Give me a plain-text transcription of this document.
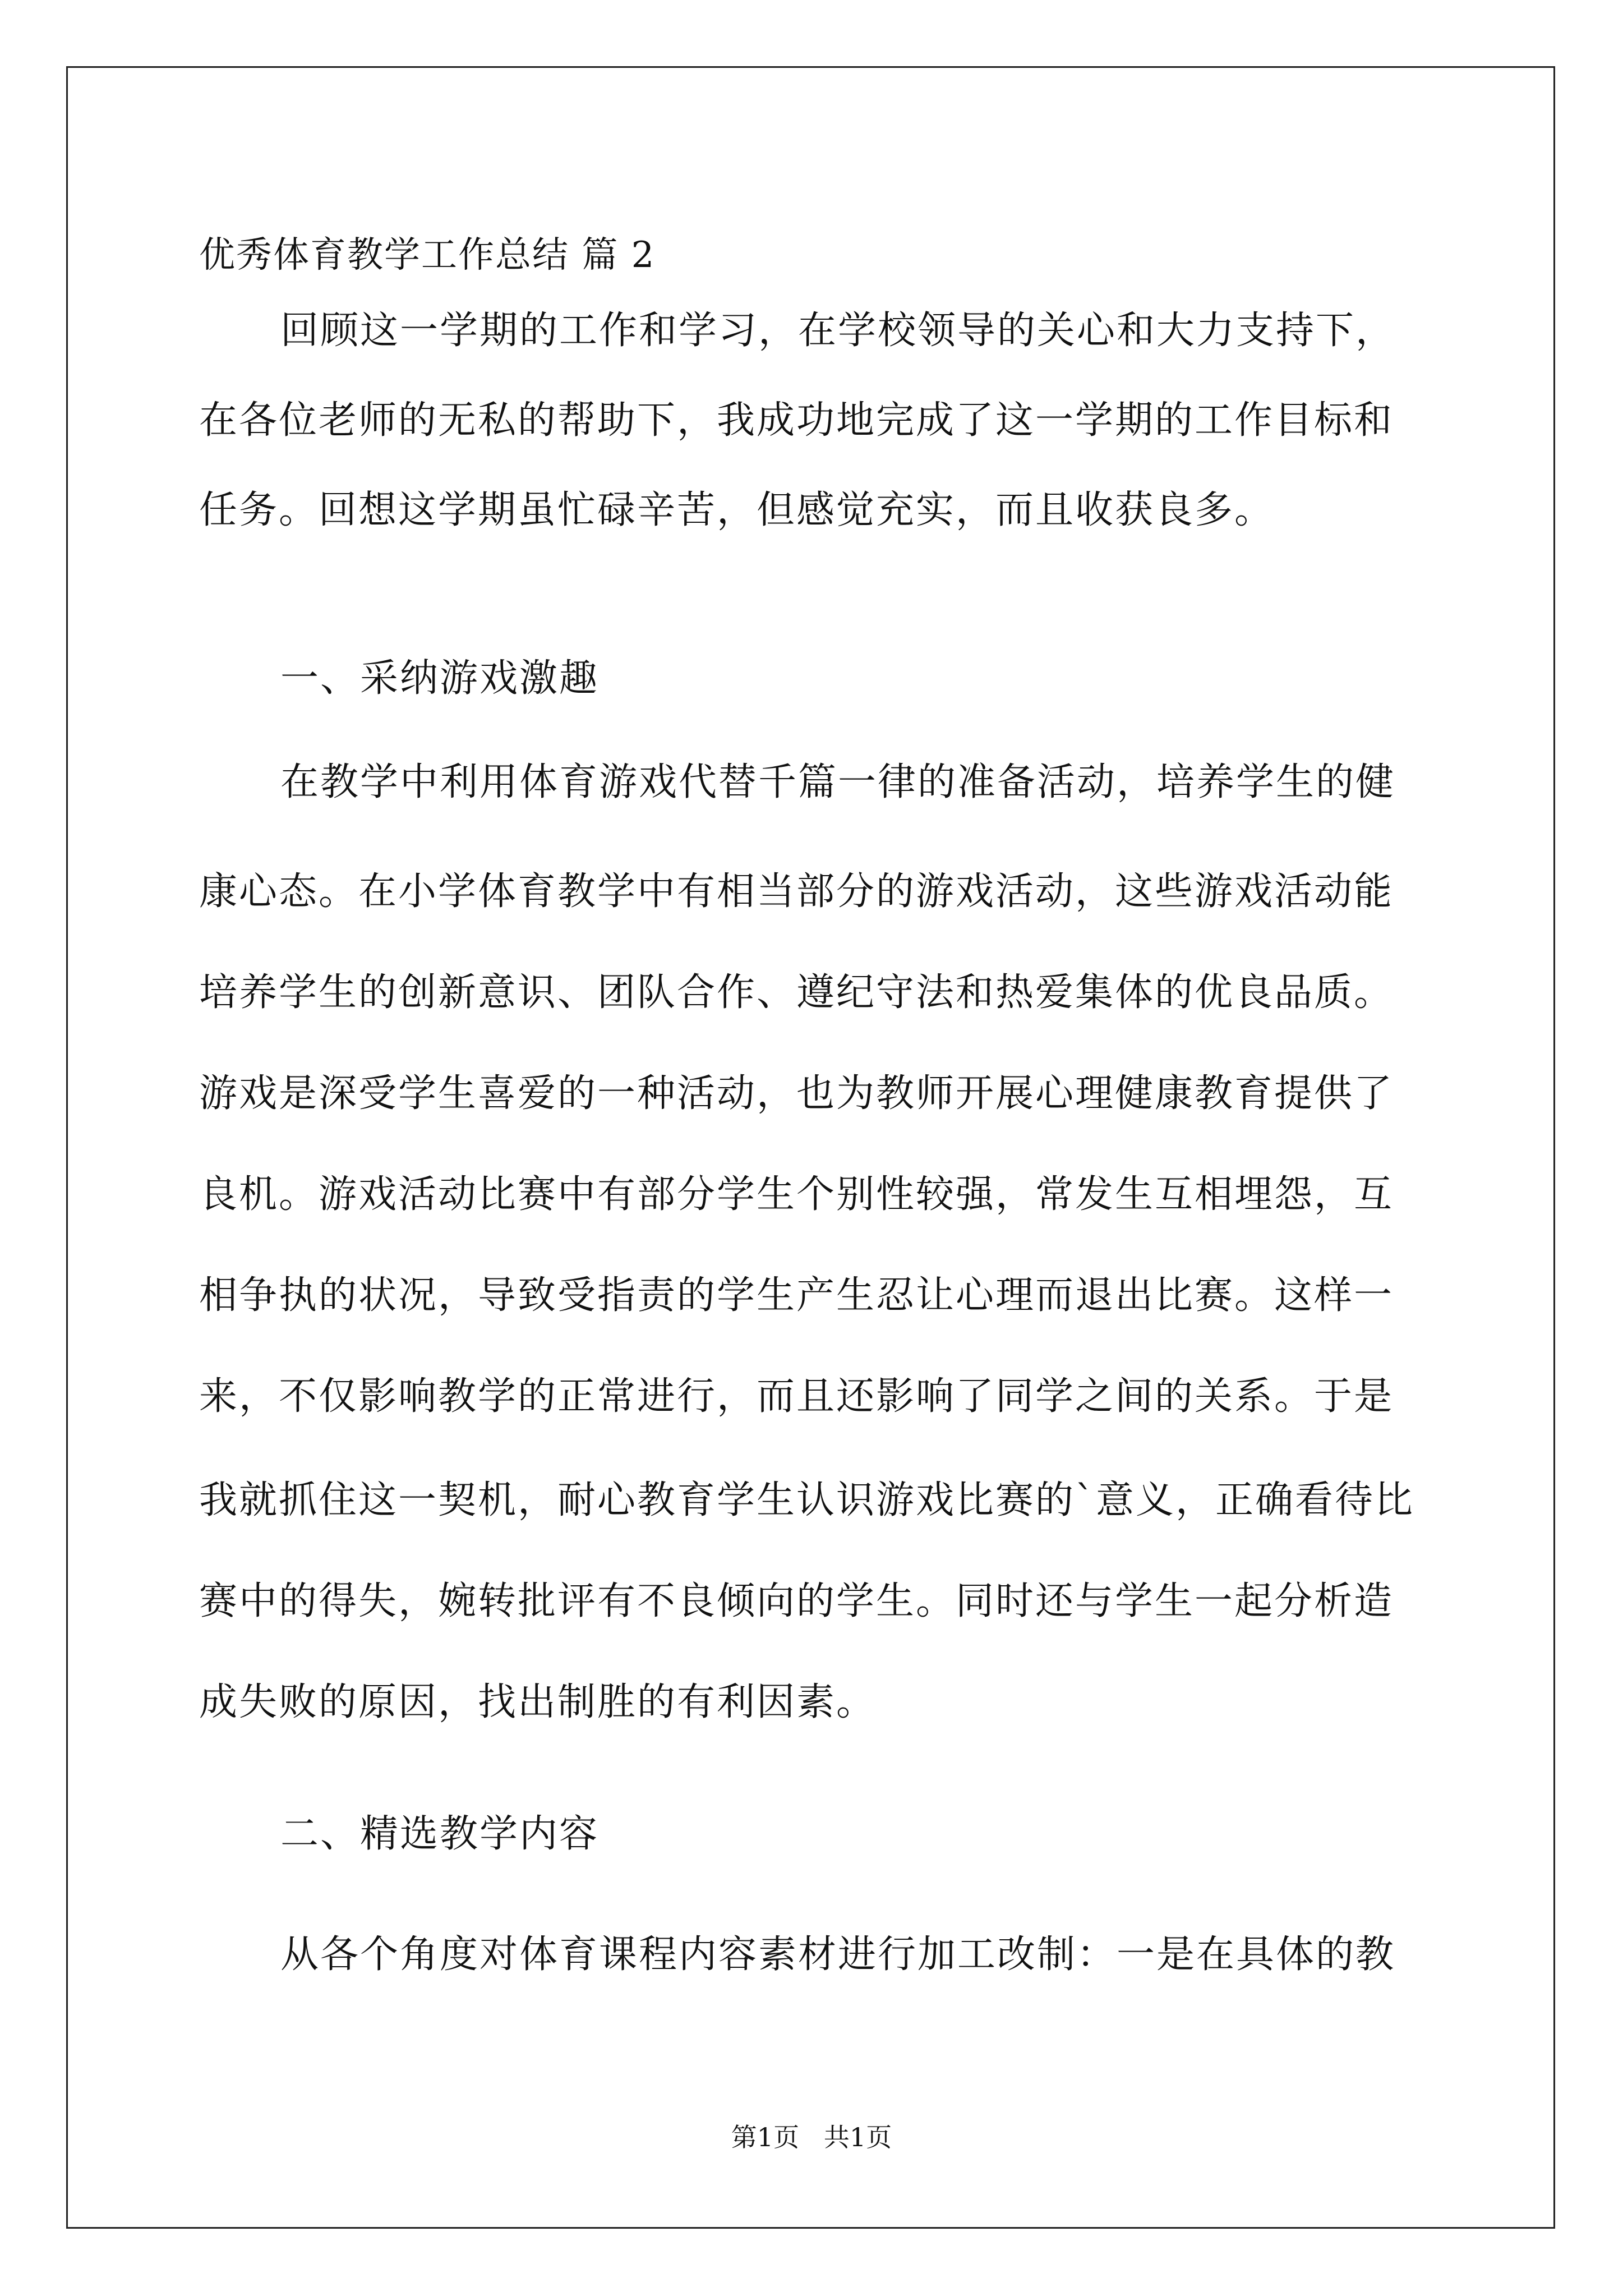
优秀体育教学工作总结 篇 2
回顾这一学期的工作和学习，在学校领导的关心和大力支持下，
在各位老师的无私的帮助下，我成功地完成了这一学期的工作目标和
任务。回想这学期虽忙碌辛苦，但感觉充实，而且收获良多。
一、采纳游戏激趣
在教学中利用体育游戏代替千篇一律的准备活动，培养学生的健
康心态。在小学体育教学中有相当部分的游戏活动，这些游戏活动能
培养学生的创新意识、团队合作、遵纪守法和热爱集体的优良品质。
游戏是深受学生喜爱的一种活动，也为教师开展心理健康教育提供了
良机。游戏活动比赛中有部分学生个别性较强，常发生互相埋怨，互
相争执的状况，导致受指责的学生产生忍让心理而退出比赛。这样一
来，不仅影响教学的正常进行，而且还影响了同学之间的关系。于是
我就抓住这一契机，耐心教育学生认识游戏比赛的`意义，正确看待比
赛中的得失，婉转批评有不良倾向的学生。同时还与学生一起分析造
成失败的原因，找出制胜的有利因素。
二、精选教学内容
从各个角度对体育课程内容素材进行加工改制：一是在具体的教
第1页   共1页
